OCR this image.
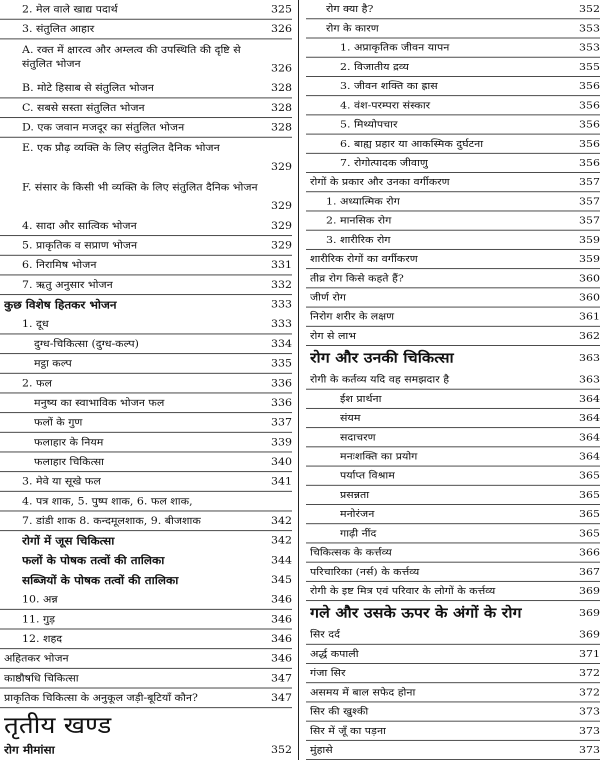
2. मेल वाले खाद्य पदार्थ	325
3. संतुलित आहार	326
A. रक्त में क्षारत्व और अम्लत्व की उपस्थिति की दृष्टि से संतुलित भोजन	326
B. मोटे हिसाब से संतुलित भोजन	328
C. सबसे सस्ता संतुलित भोजन	328
D. एक जवान मजदूर का संतुलित भोजन	328
E. एक प्रौढ़ व्यक्ति के लिए संतुलित दैनिक भोजन
329
F. संसार के किसी भी व्यक्ति के लिए संतुलित दैनिक भोजन
329
4. सादा और सात्विक भोजन	329
5. प्राकृतिक व सप्राण भोजन	329
6. निरामिष भोजन	331
7. ऋतु अनुसार भोजन	332
कुछ विशेष हितकर भोजन	333
1. दूध	333
दुग्ध-चिकित्सा (दुग्ध-कल्प)	334
मट्ठा कल्प	335
2. फल	336
मनुष्य का स्वाभाविक भोजन फल	336
फलों के गुण	337
फलाहार के नियम	339
फलाहार चिकित्सा	340
3. मेवे या सूखे फल	341
4. पत्र शाक, 5. पुष्प शाक, 6. फल शाक,
7. डांडी शाक 8. कन्दमूलशाक, 9. बीजशाक	342
रोगों में जूस चिकित्सा	342
फलों के पोषक तत्वों की तालिका	344
सब्जियों के पोषक तत्वों की तालिका	345
10. अन्न	346
11. गुड़	346
12. शहद	346
अहितकर भोजन	346
काष्ठौषधि चिकित्सा	347
प्राकृतिक चिकित्सा के अनुकूल जड़ी-बूटियाँ कौन?	347
तृतीय खण्ड
रोग मीमांसा	352
रोग क्या है?	352
रोग के कारण	353
1. अप्राकृतिक जीवन यापन	353
2. विजातीय द्रव्य	355
3. जीवन शक्ति का ह्रास	356
4. वंश-परम्परा संस्कार	356
5. मिथ्योपचार	356
6. बाह्य प्रहार या आकस्मिक दुर्घटना	356
7. रोगोत्पादक जीवाणु	356
रोगों के प्रकार और उनका वर्गीकरण	357
1. अध्यात्मिक रोग	357
2. मानसिक रोग	357
3. शारीरिक रोग	359
शारीरिक रोगों का वर्गीकरण	359
तीव्र रोग किसे कहते हैं?	360
जीर्ण रोग	360
निरोग शरीर के लक्षण	361
रोग से लाभ	362
रोग और उनकी चिकित्सा	363
रोगी के कर्तव्य यदि वह समझदार है	363
ईश प्रार्थना	364
संयम	364
सदाचरण	364
मनःशक्ति का प्रयोग	364
पर्याप्त विश्राम	365
प्रसन्नता	365
मनोरंजन	365
गाढ़ी नींद	365
चिकित्सक के कर्त्तव्य	366
परिचारिका (नर्स) के कर्त्तव्य	367
रोगी के इष्ट मित्र एवं परिवार के लोगों के कर्त्तव्य	369
गले और उसके ऊपर के अंगों के रोग	369
सिर दर्द	369
अर्द्ध कपाली	371
गंजा सिर	372
असमय में बाल सफेद होना	372
सिर की खुश्की	373
सिर में जूँ का पड़ना	373
मुंहासे	373
